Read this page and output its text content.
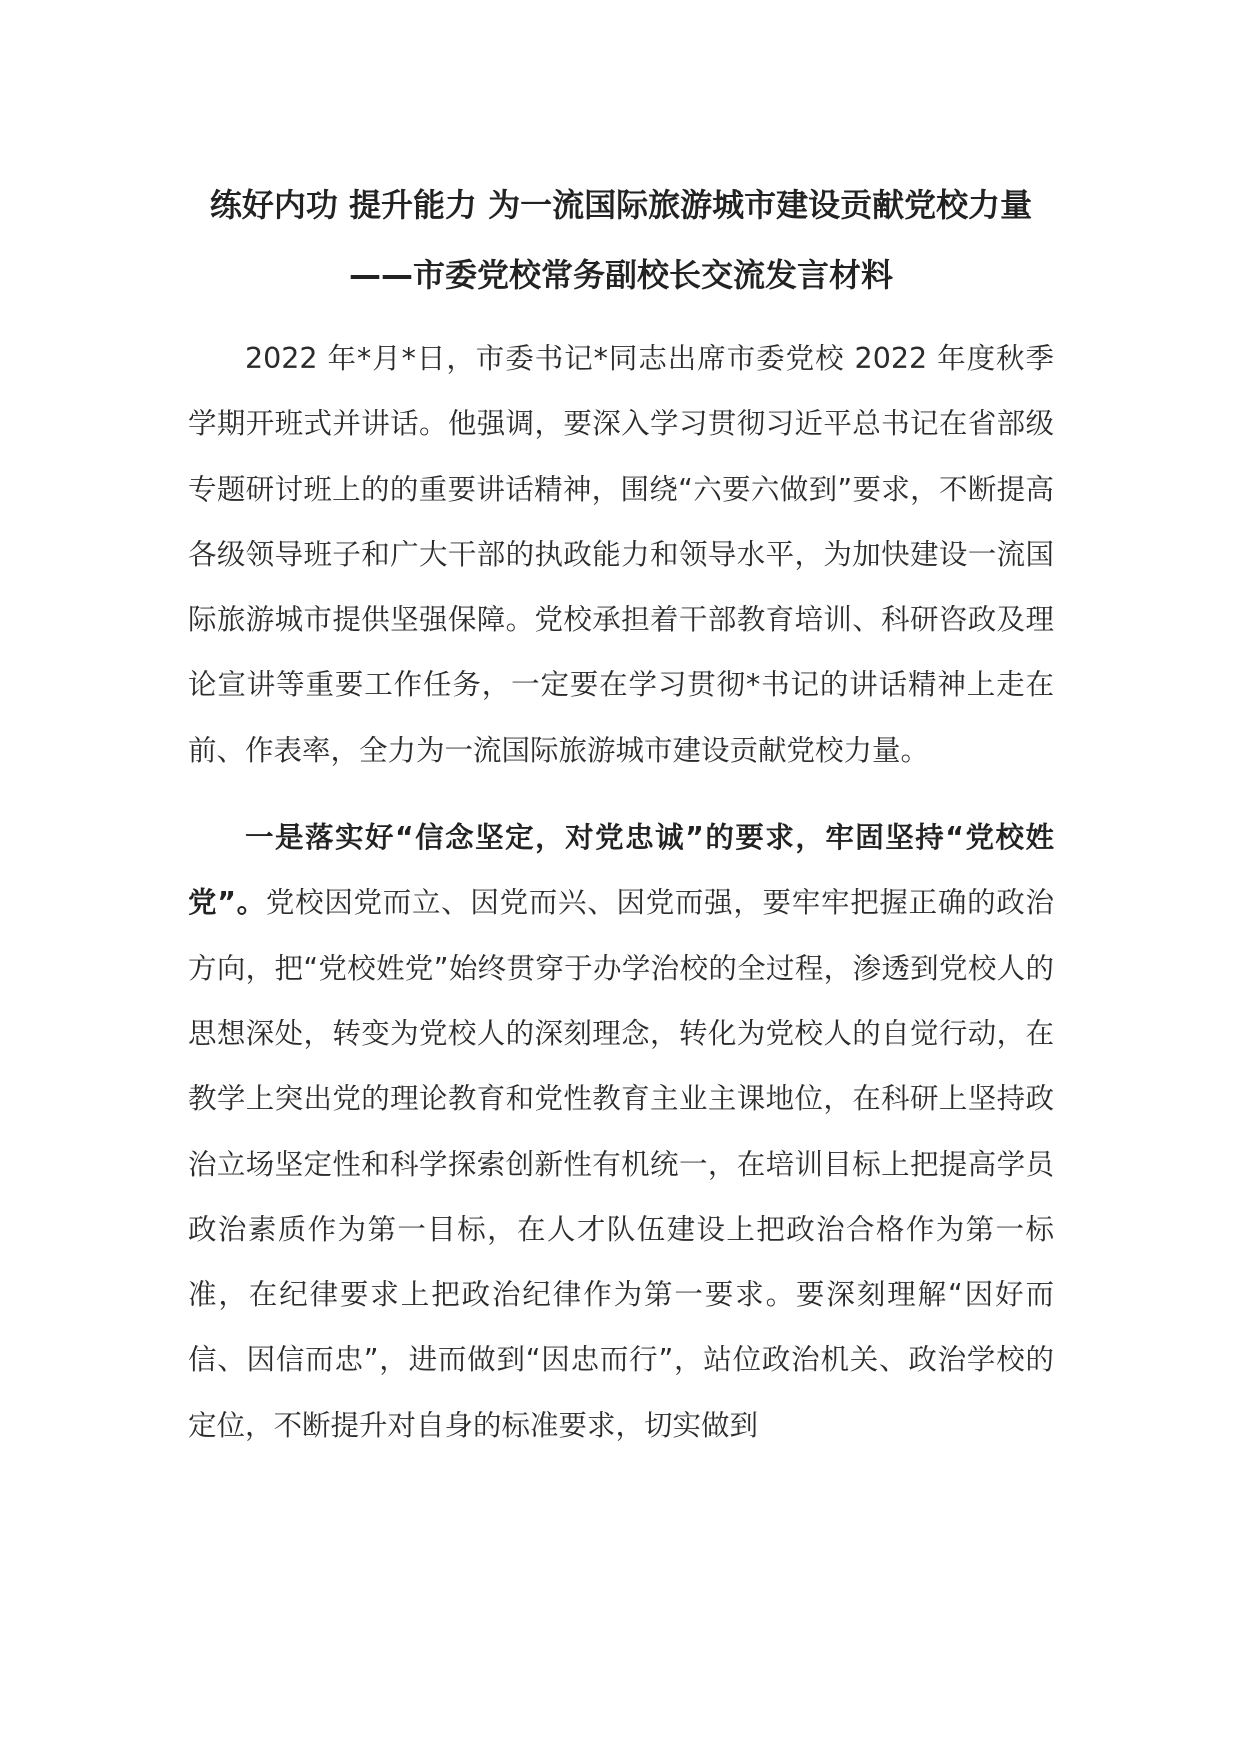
练好内功 提升能力 为一流国际旅游城市建设贡献党校力量
——市委党校常务副校长交流发言材料

2022 年*月*日，市委书记*同志出席市委党校 2022 年度秋季学期开班式并讲话。他强调，要深入学习贯彻习近平总书记在省部级专题研讨班上的的重要讲话精神，围绕“六要六做到”要求，不断提高各级领导班子和广大干部的执政能力和领导水平，为加快建设一流国际旅游城市提供坚强保障。党校承担着干部教育培训、科研咨政及理论宣讲等重要工作任务，一定要在学习贯彻*书记的讲话精神上走在前、作表率，全力为一流国际旅游城市建设贡献党校力量。

一是落实好“信念坚定，对党忠诚”的要求，牢固坚持“党校姓党”。党校因党而立、因党而兴、因党而强，要牢牢把握正确的政治方向，把“党校姓党”始终贯穿于办学治校的全过程，渗透到党校人的思想深处，转变为党校人的深刻理念，转化为党校人的自觉行动，在教学上突出党的理论教育和党性教育主业主课地位，在科研上坚持政治立场坚定性和科学探索创新性有机统一，在培训目标上把提高学员政治素质作为第一目标，在人才队伍建设上把政治合格作为第一标准，在纪律要求上把政治纪律作为第一要求。要深刻理解“因好而信、因信而忠”，进而做到“因忠而行”，站位政治机关、政治学校的定位，不断提升对自身的标准要求，切实做到
